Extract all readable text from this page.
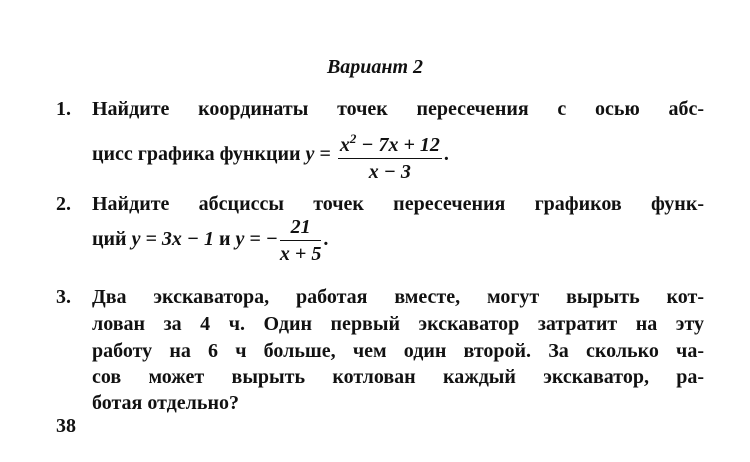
Вариант 2
1. Найдите координаты точек пересечения с осью абс-
цисс графика функции $y = \frac{x^2 - 7x + 12}{x - 3}$ .
2. Найдите абсциссы точек пересечения графиков функ-
ций y = 3x − 1 и y = − $\frac{21}{x + 5}$ .
3. Два экскаватора, работая вместе, могут вырыть кот-
лован за 4 ч. Один первый экскаватор затратит на эту
работу на 6 ч больше, чем один второй. За сколько ча-
сов может вырыть котлован каждый экскаватор, ра-
ботая отдельно?
38
